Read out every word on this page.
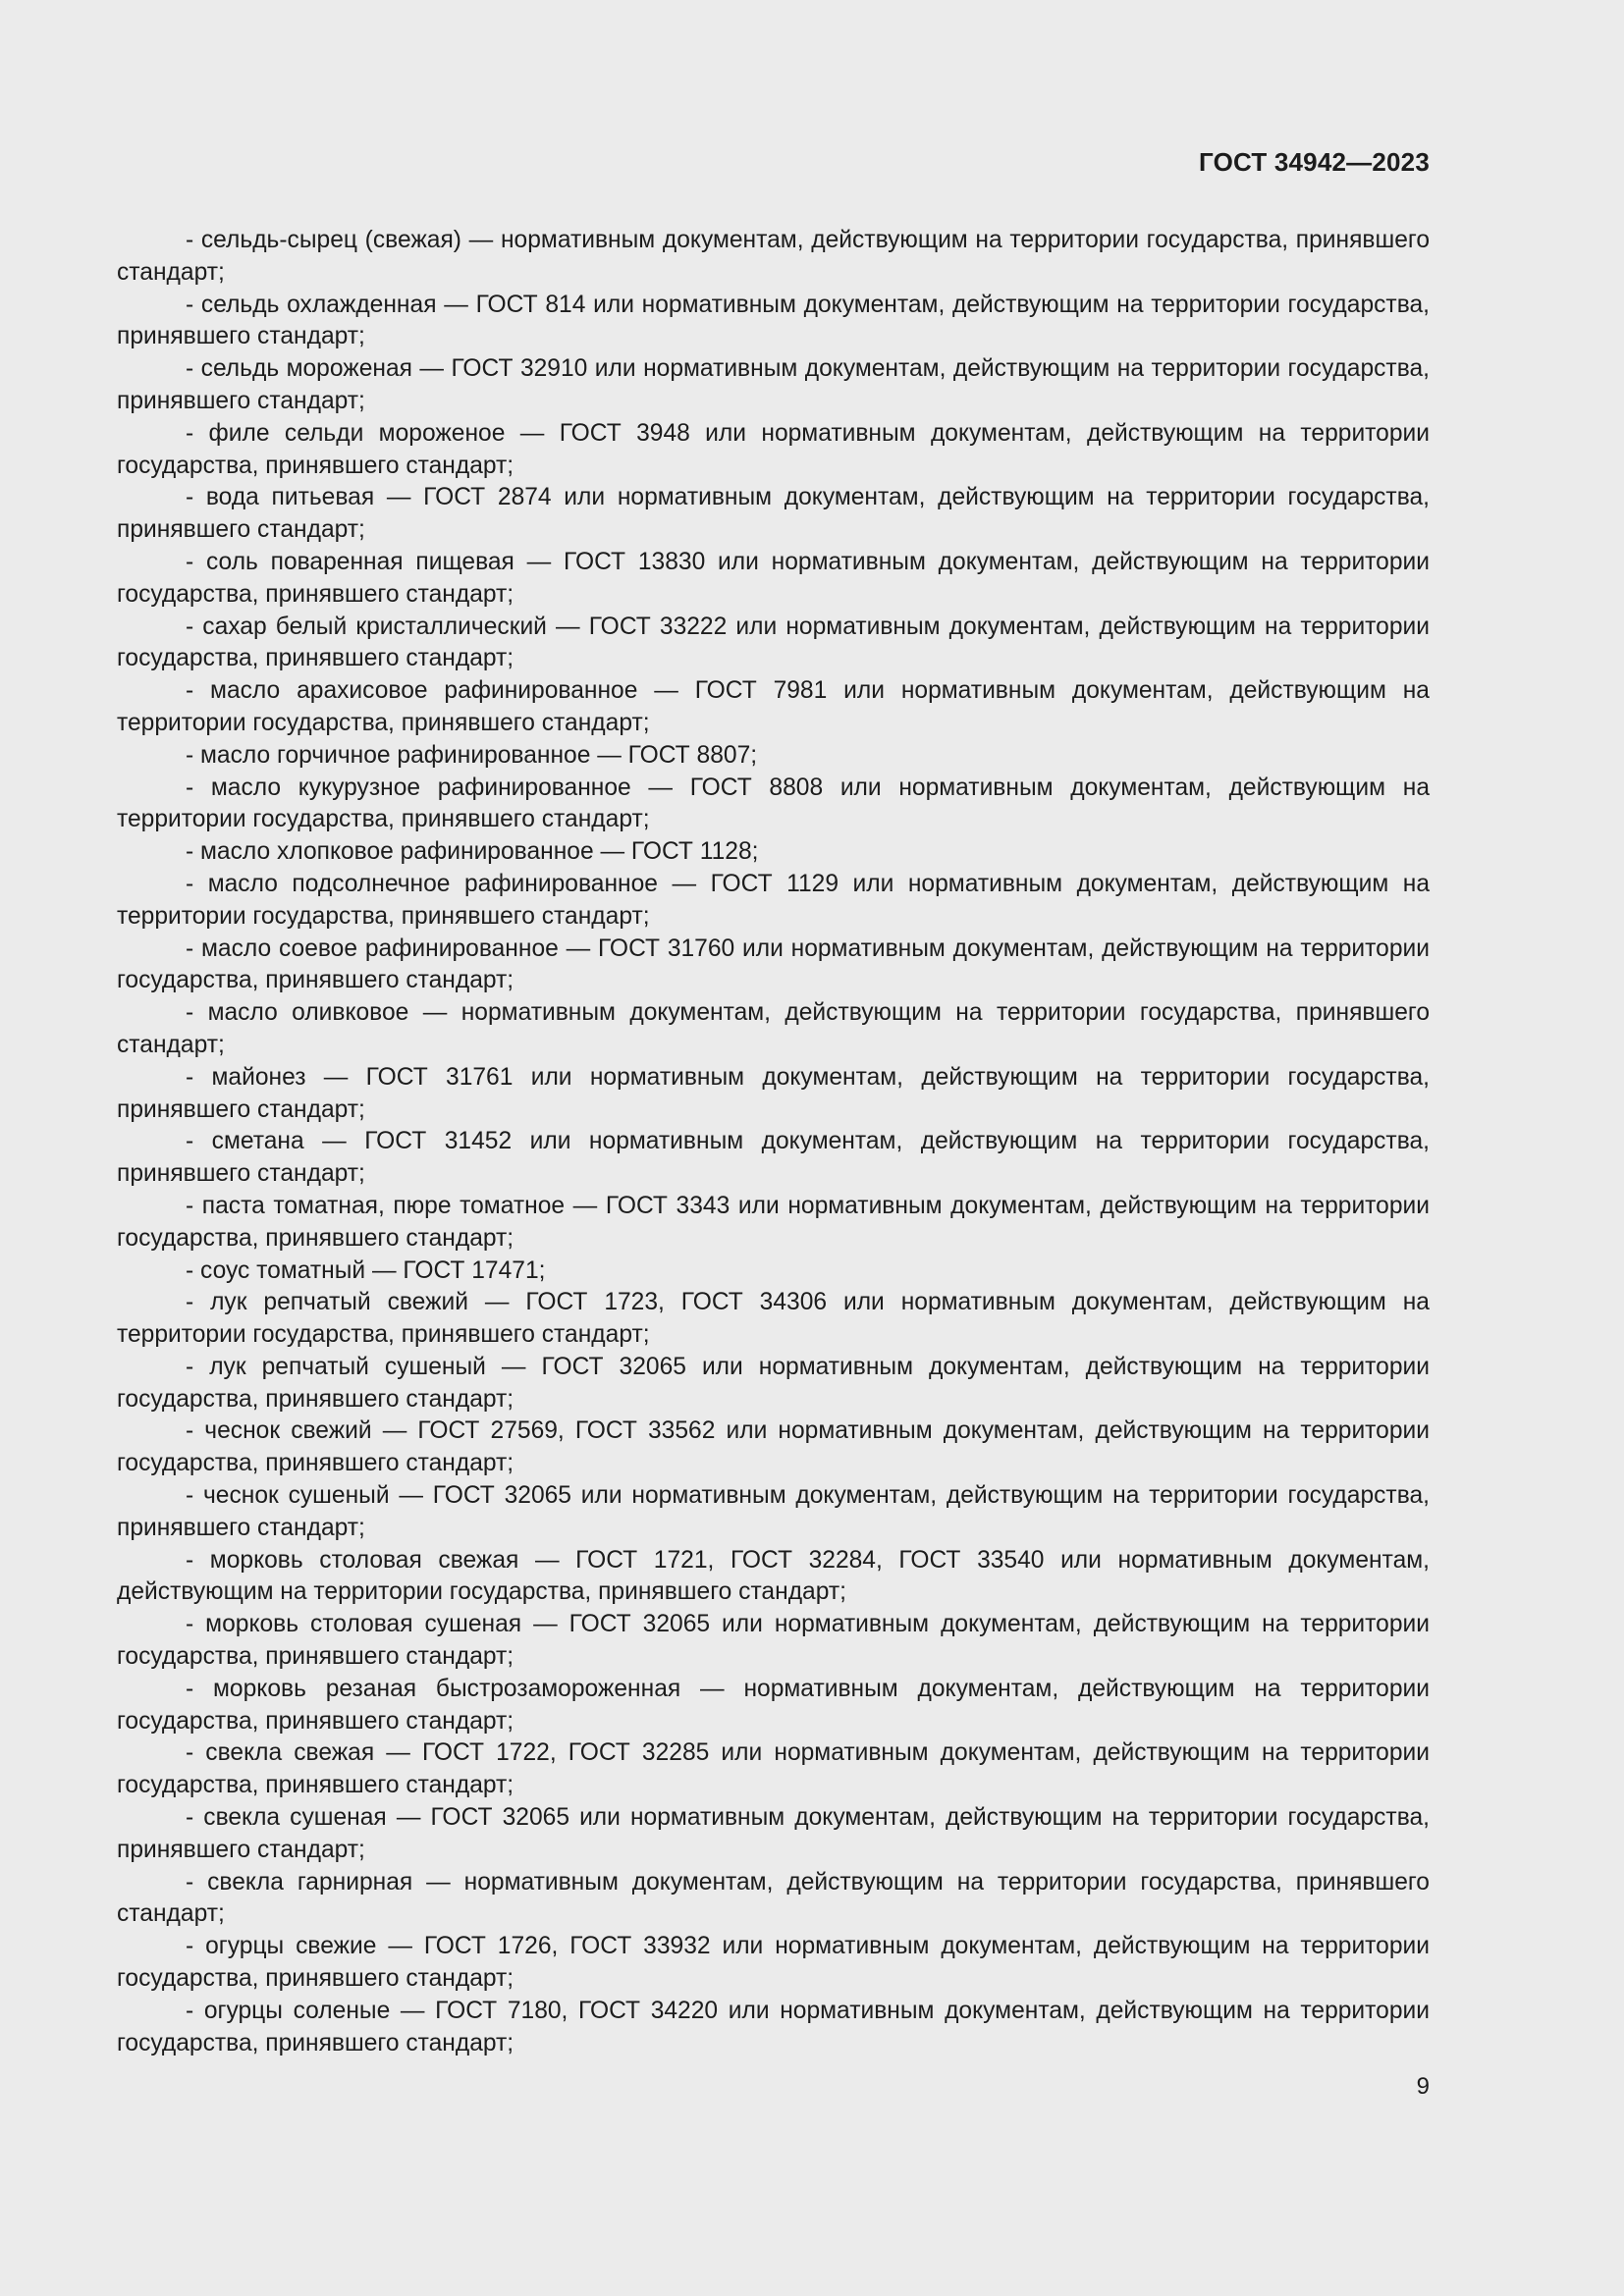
ГОСТ 34942—2023

- сельдь-сырец (свежая) — нормативным документам, действующим на территории государства, принявшего стандарт;

- сельдь охлажденная — ГОСТ 814 или нормативным документам, действующим на территории государства, принявшего стандарт;

- сельдь мороженая — ГОСТ 32910 или нормативным документам, действующим на территории государства, принявшего стандарт;

- филе сельди мороженое — ГОСТ 3948 или нормативным документам, действующим на территории государства, принявшего стандарт;

- вода питьевая — ГОСТ 2874 или нормативным документам, действующим на территории государства, принявшего стандарт;

- соль поваренная пищевая — ГОСТ 13830 или нормативным документам, действующим на территории государства, принявшего стандарт;

- сахар белый кристаллический — ГОСТ 33222 или нормативным документам, действующим на территории государства, принявшего стандарт;

- масло арахисовое рафинированное — ГОСТ 7981 или нормативным документам, действующим на территории государства, принявшего стандарт;

- масло горчичное рафинированное — ГОСТ 8807;

- масло кукурузное рафинированное — ГОСТ 8808 или нормативным документам, действующим на территории государства, принявшего стандарт;

- масло хлопковое рафинированное — ГОСТ 1128;

- масло подсолнечное рафинированное — ГОСТ 1129 или нормативным документам, действующим на территории государства, принявшего стандарт;

- масло соевое рафинированное — ГОСТ 31760 или нормативным документам, действующим на территории государства, принявшего стандарт;

- масло оливковое — нормативным документам, действующим на территории государства, принявшего стандарт;

- майонез — ГОСТ 31761 или нормативным документам, действующим на территории государства, принявшего стандарт;

- сметана — ГОСТ 31452 или нормативным документам, действующим на территории государства, принявшего стандарт;

- паста томатная, пюре томатное — ГОСТ 3343 или нормативным документам, действующим на территории государства, принявшего стандарт;

- соус томатный — ГОСТ 17471;

- лук репчатый свежий — ГОСТ 1723, ГОСТ 34306 или нормативным документам, действующим на территории государства, принявшего стандарт;

- лук репчатый сушеный — ГОСТ 32065 или нормативным документам, действующим на территории государства, принявшего стандарт;

- чеснок свежий — ГОСТ 27569, ГОСТ 33562 или нормативным документам, действующим на территории государства, принявшего стандарт;

- чеснок сушеный — ГОСТ 32065 или нормативным документам, действующим на территории государства, принявшего стандарт;

- морковь столовая свежая — ГОСТ 1721, ГОСТ 32284, ГОСТ 33540 или нормативным документам, действующим на территории государства, принявшего стандарт;

- морковь столовая сушеная — ГОСТ 32065 или нормативным документам, действующим на территории государства, принявшего стандарт;

- морковь резаная быстрозамороженная — нормативным документам, действующим на территории государства, принявшего стандарт;

- свекла свежая — ГОСТ 1722, ГОСТ 32285 или нормативным документам, действующим на территории государства, принявшего стандарт;

- свекла сушеная — ГОСТ 32065 или нормативным документам, действующим на территории государства, принявшего стандарт;

- свекла гарнирная — нормативным документам, действующим на территории государства, принявшего стандарт;

- огурцы свежие — ГОСТ 1726, ГОСТ 33932 или нормативным документам, действующим на территории государства, принявшего стандарт;

- огурцы соленые — ГОСТ 7180, ГОСТ 34220 или нормативным документам, действующим на территории государства, принявшего стандарт;

9
